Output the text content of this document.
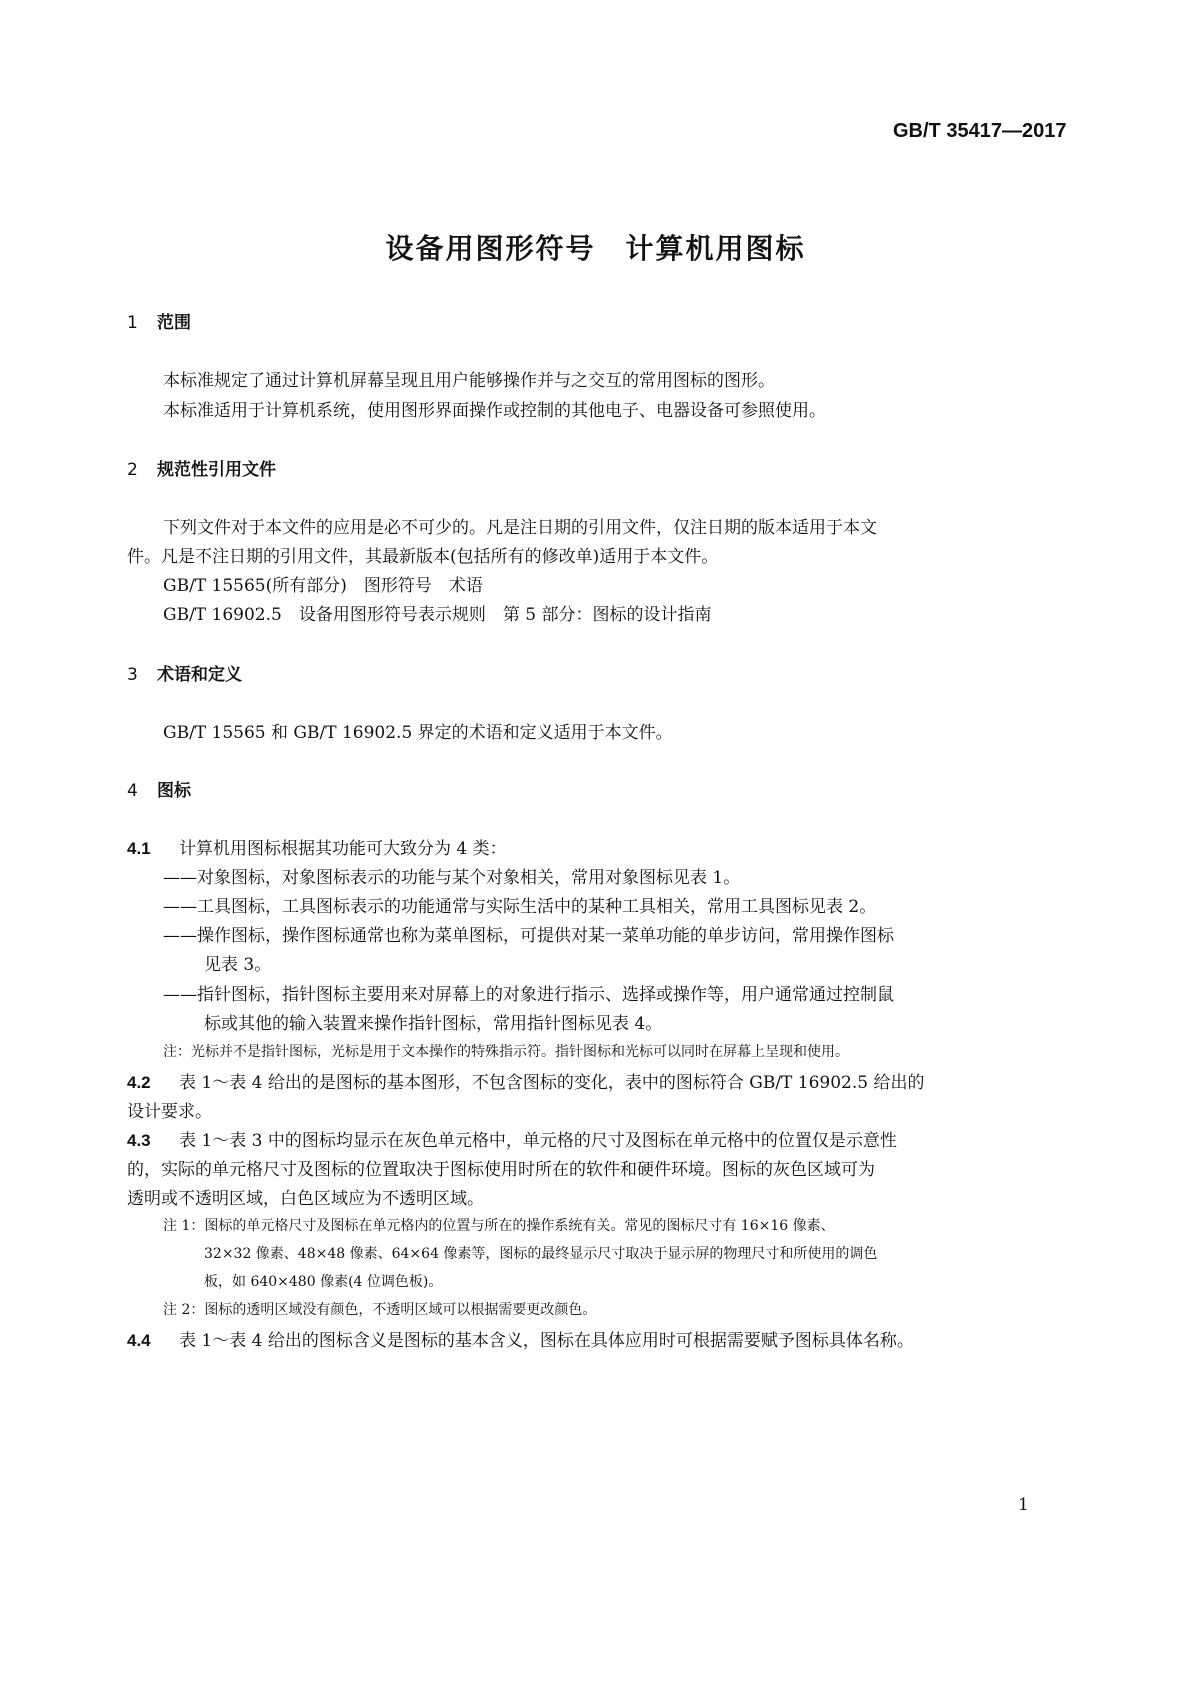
GB/T 35417—2017
设备用图形符号　计算机用图标
1 范围
本标准规定了通过计算机屏幕呈现且用户能够操作并与之交互的常用图标的图形。
本标准适用于计算机系统，使用图形界面操作或控制的其他电子、电器设备可参照使用。
2 规范性引用文件
下列文件对于本文件的应用是必不可少的。凡是注日期的引用文件，仅注日期的版本适用于本文
件。凡是不注日期的引用文件，其最新版本(包括所有的修改单)适用于本文件。
GB/T 15565(所有部分)　图形符号　术语
GB/T 16902.5　设备用图形符号表示规则　第 5 部分：图标的设计指南
3 术语和定义
GB/T 15565 和 GB/T 16902.5 界定的术语和定义适用于本文件。
4 图标
4.1 计算机用图标根据其功能可大致分为 4 类：
——对象图标，对象图标表示的功能与某个对象相关，常用对象图标见表 1。
——工具图标，工具图标表示的功能通常与实际生活中的某种工具相关，常用工具图标见表 2。
——操作图标，操作图标通常也称为菜单图标，可提供对某一菜单功能的单步访问，常用操作图标
见表 3。
——指针图标，指针图标主要用来对屏幕上的对象进行指示、选择或操作等，用户通常通过控制鼠
标或其他的输入装置来操作指针图标，常用指针图标见表 4。
注：光标并不是指针图标，光标是用于文本操作的特殊指示符。指针图标和光标可以同时在屏幕上呈现和使用。
4.2 表 1～表 4 给出的是图标的基本图形，不包含图标的变化，表中的图标符合 GB/T 16902.5 给出的
设计要求。
4.3 表 1～表 3 中的图标均显示在灰色单元格中，单元格的尺寸及图标在单元格中的位置仅是示意性
的，实际的单元格尺寸及图标的位置取决于图标使用时所在的软件和硬件环境。图标的灰色区域可为
透明或不透明区域，白色区域应为不透明区域。
注 1：图标的单元格尺寸及图标在单元格内的位置与所在的操作系统有关。常见的图标尺寸有 16×16 像素、
32×32 像素、48×48 像素、64×64 像素等，图标的最终显示尺寸取决于显示屏的物理尺寸和所使用的调色
板，如 640×480 像素(4 位调色板)。
注 2：图标的透明区域没有颜色，不透明区域可以根据需要更改颜色。
4.4 表 1～表 4 给出的图标含义是图标的基本含义，图标在具体应用时可根据需要赋予图标具体名称。
1
